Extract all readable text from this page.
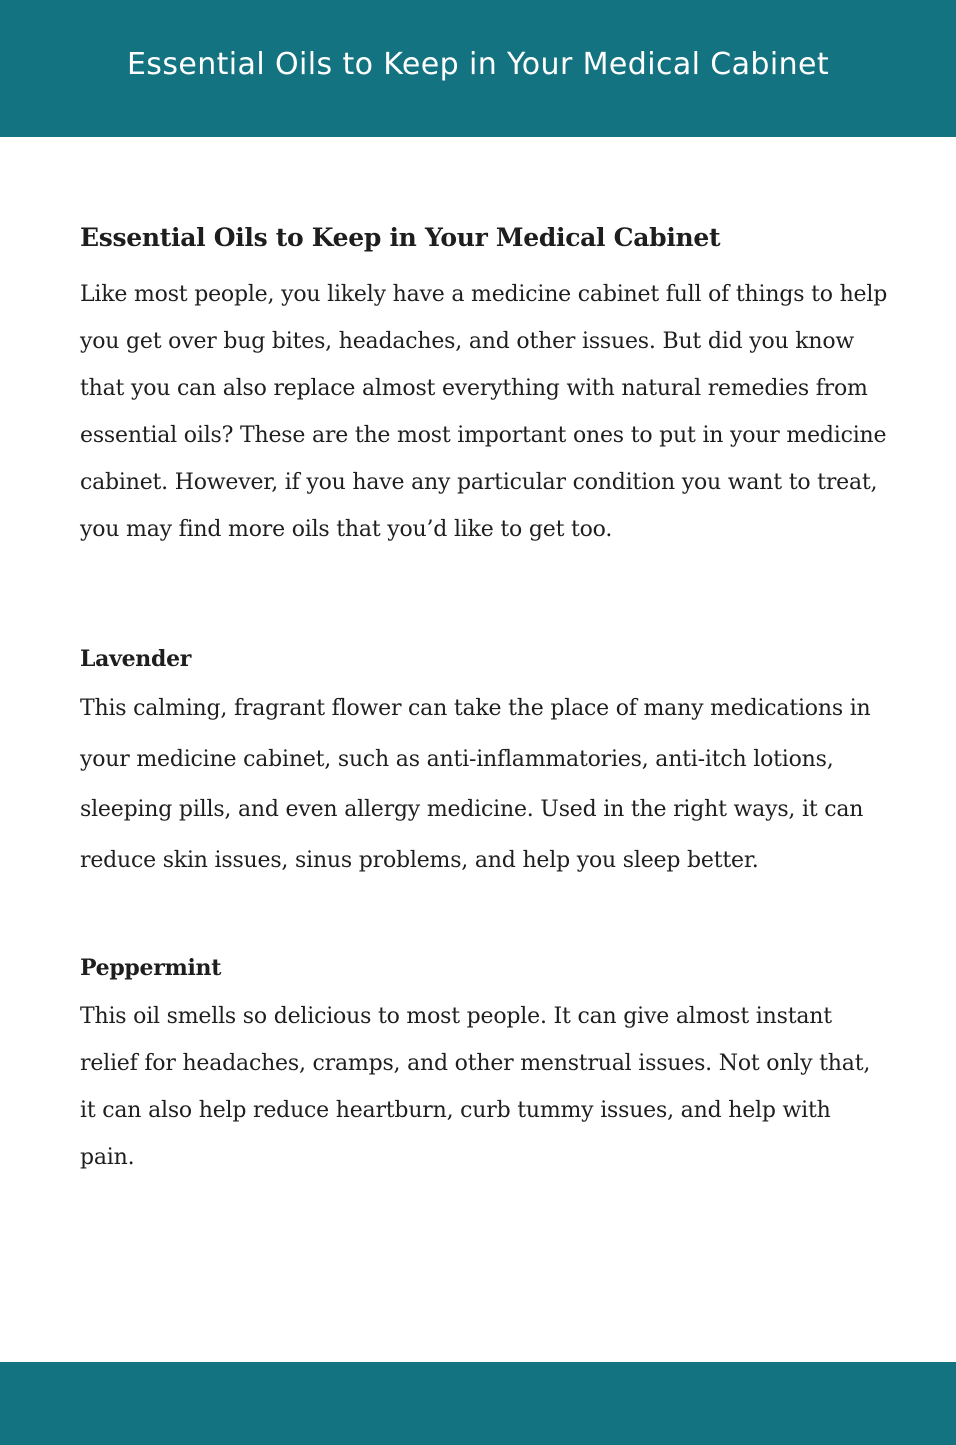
Essential Oils to Keep in Your Medical Cabinet
Essential Oils to Keep in Your Medical Cabinet

Like most people, you likely have a medicine cabinet full of things to help you get over bug bites, headaches, and other issues. But did you know that you can also replace almost everything with natural remedies from essential oils? These are the most important ones to put in your medicine cabinet. However, if you have any particular condition you want to treat, you may find more oils that you’d like to get too.

Lavender

This calming, fragrant flower can take the place of many medications in your medicine cabinet, such as anti-inflammatories, anti-itch lotions, sleeping pills, and even allergy medicine. Used in the right ways, it can reduce skin issues, sinus problems, and help you sleep better.

Peppermint

This oil smells so delicious to most people. It can give almost instant relief for headaches, cramps, and other menstrual issues. Not only that, it can also help reduce heartburn, curb tummy issues, and help with pain.
